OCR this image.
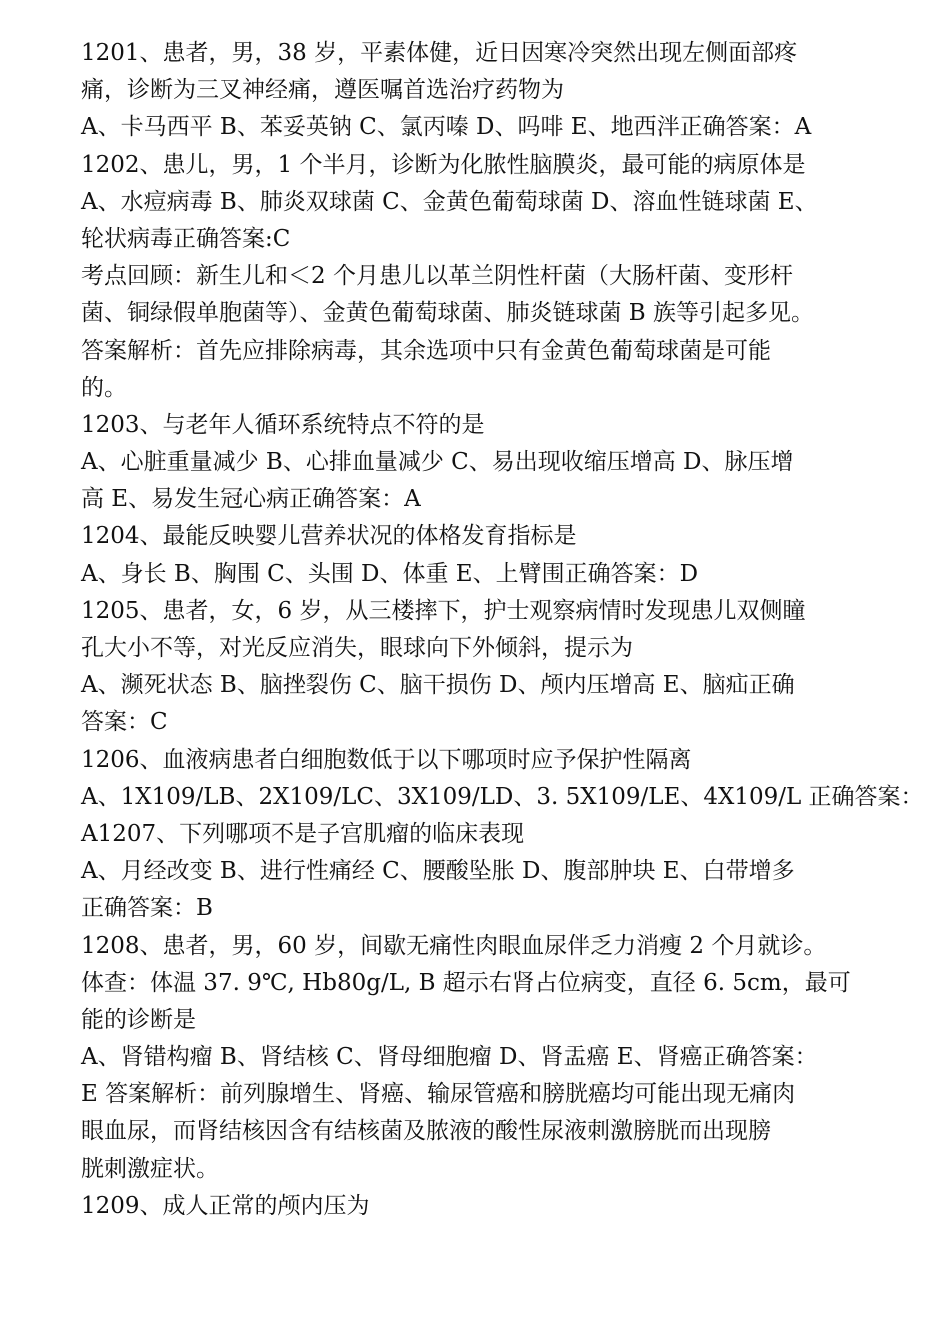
1201、患者，男，38 岁，平素体健，近日因寒冷突然出现左侧面部疼
痛，诊断为三叉神经痛，遵医嘱首选治疗药物为
A、卡马西平 B、苯妥英钠 C、氯丙嗪 D、吗啡 E、地西泮正确答案：A
1202、患儿，男，1 个半月，诊断为化脓性脑膜炎，最可能的病原体是
A、水痘病毒 B、肺炎双球菌 C、金黄色葡萄球菌 D、溶血性链球菌 E、
轮状病毒正确答案:C
考点回顾：新生儿和＜2 个月患儿以革兰阴性杆菌（大肠杆菌、变形杆
菌、铜绿假单胞菌等）、金黄色葡萄球菌、肺炎链球菌 B 族等引起多见。
答案解析：首先应排除病毒，其余选项中只有金黄色葡萄球菌是可能
的。
1203、与老年人循环系统特点不符的是
A、心脏重量减少 B、心排血量减少 C、易出现收缩压增高 D、脉压增
高 E、易发生冠心病正确答案：A
1204、最能反映婴儿营养状况的体格发育指标是
A、身长 B、胸围 C、头围 D、体重 E、上臂围正确答案：D
1205、患者，女，6 岁，从三楼摔下，护士观察病情时发现患儿双侧瞳
孔大小不等，对光反应消失，眼球向下外倾斜，提示为
A、濒死状态 B、脑挫裂伤 C、脑干损伤 D、颅内压增高 E、脑疝正确
答案：C
1206、血液病患者白细胞数低于以下哪项时应予保护性隔离
A、1X109/LB、2X109/LC、3X109/LD、3. 5X109/LE、4X109/L 正确答案：
A1207、下列哪项不是子宫肌瘤的临床表现
A、月经改变 B、进行性痛经 C、腰酸坠胀 D、腹部肿块 E、白带增多
正确答案：B
1208、患者，男，60 岁，间歇无痛性肉眼血尿伴乏力消瘦 2 个月就诊。
体查：体温 37. 9℃, Hb80g/L, B 超示右肾占位病变，直径 6. 5cm，最可
能的诊断是
A、肾错构瘤 B、肾结核 C、肾母细胞瘤 D、肾盂癌 E、肾癌正确答案：
E 答案解析：前列腺增生、肾癌、输尿管癌和膀胱癌均可能出现无痛肉
眼血尿，而肾结核因含有结核菌及脓液的酸性尿液刺激膀胱而出现膀
胱刺激症状。
1209、成人正常的颅内压为
